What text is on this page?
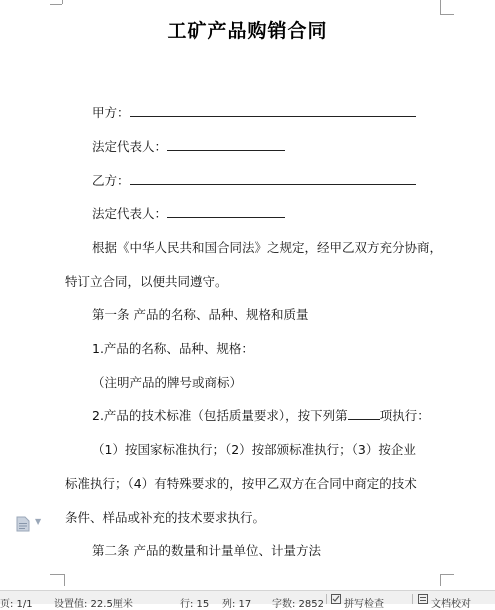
工矿产品购销合同
甲方：
法定代表人：
乙方：
法定代表人：
根据《中华人民共和国合同法》之规定，经甲乙双方充分协商，
特订立合同，以便共同遵守。
第一条 产品的名称、品种、规格和质量
1.产品的名称、品种、规格：
（注明产品的牌号或商标）
2.产品的技术标准（包括质量要求），按下列第	项执行：
（1）按国家标准执行；（2）按部颁标准执行；（3）按企业
标准执行；（4）有特殊要求的，按甲乙双方在合同中商定的技术
条件、样品或补充的技术要求执行。
第二条 产品的数量和计量单位、计量方法
▼
页: 1/1 设置值: 22.5厘米	行: 15 列: 17 字数: 2852 拼写检查	文档校对
